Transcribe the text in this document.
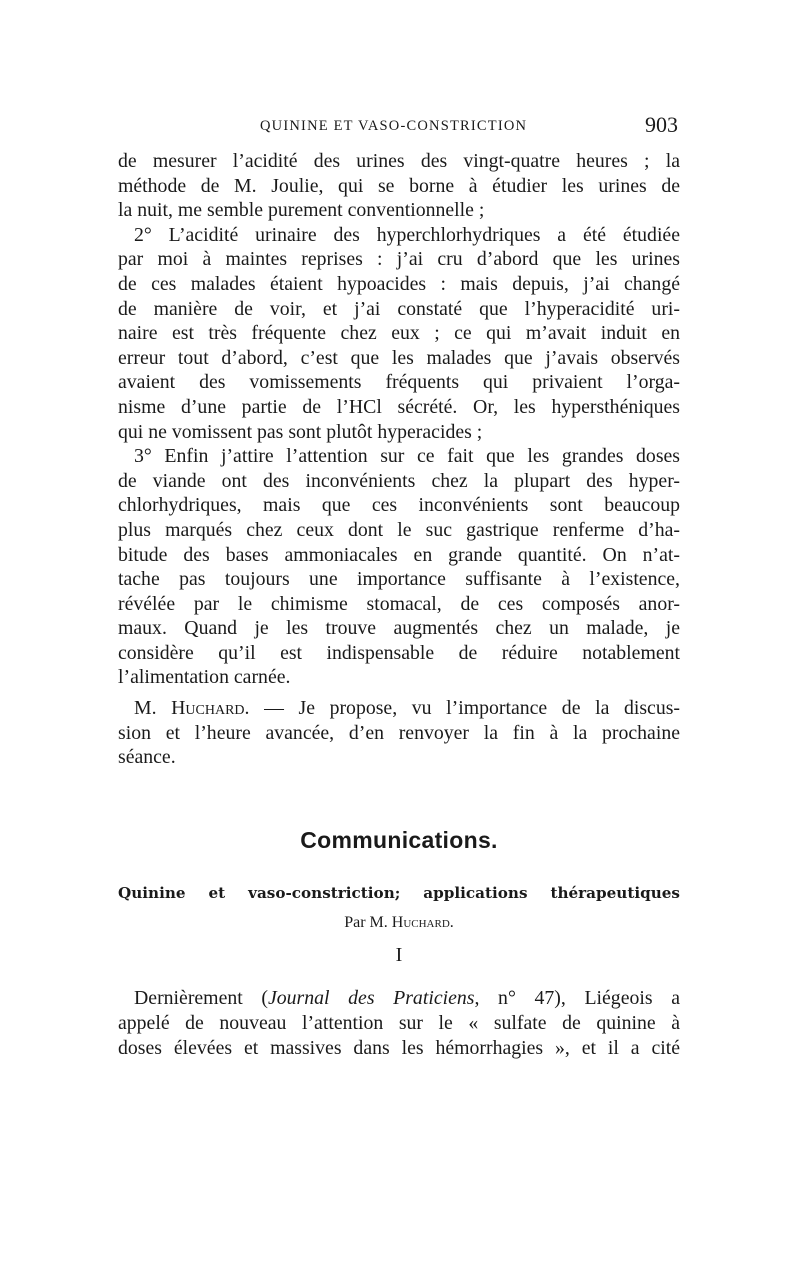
QUININE ET VASO-CONSTRICTION	903
de mesurer l’acidité des urines des vingt-quatre heures ; la
méthode de M. Joulie, qui se borne à étudier les urines de
la nuit, me semble purement conventionnelle ;
2° L’acidité urinaire des hyperchlorhydriques a été étudiée
par moi à maintes reprises : j’ai cru d’abord que les urines
de ces malades étaient hypoacides : mais depuis, j’ai changé
de manière de voir, et j’ai constaté que l’hyperacidité uri-
naire est très fréquente chez eux ; ce qui m’avait induit en
erreur tout d’abord, c’est que les malades que j’avais observés
avaient des vomissements fréquents qui privaient l’orga-
nisme d’une partie de l’HCl sécrété. Or, les hypersthéniques
qui ne vomissent pas sont plutôt hyperacides ;
3° Enfin j’attire l’attention sur ce fait que les grandes doses
de viande ont des inconvénients chez la plupart des hyper-
chlorhydriques, mais que ces inconvénients sont beaucoup
plus marqués chez ceux dont le suc gastrique renferme d’ha-
bitude des bases ammoniacales en grande quantité. On n’at-
tache pas toujours une importance suffisante à l’existence,
révélée par le chimisme stomacal, de ces composés anor-
maux. Quand je les trouve augmentés chez un malade, je
considère qu’il est indispensable de réduire notablement
l’alimentation carnée.
M. Huchard. — Je propose, vu l’importance de la discus-
sion et l’heure avancée, d’en renvoyer la fin à la prochaine
séance.
Communications.
Quinine et vaso-constriction; applications thérapeutiques
Par M. Huchard.
I
Dernièrement (Journal des Praticiens, n° 47), Liégeois a
appelé de nouveau l’attention sur le « sulfate de quinine à
doses élevées et massives dans les hémorrhagies », et il a cité
